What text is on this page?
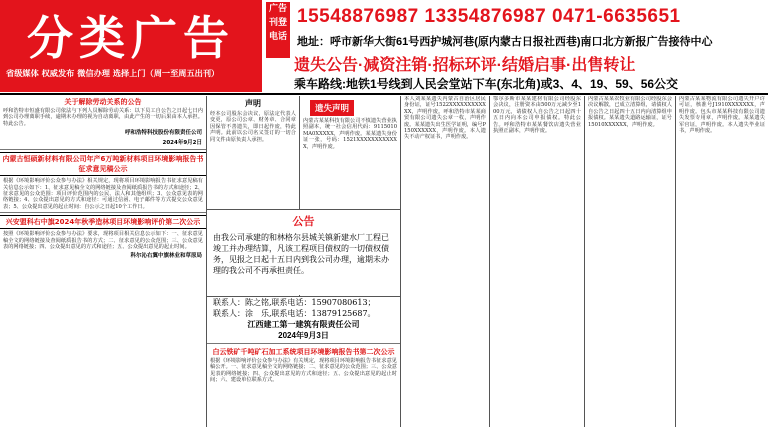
分类广告
省级媒体 权威发布 微信办理 选择上门（周一至周五出刊）
广告刊登电话
15548876987 13354876987 0471-6635651
地址：呼市新华大街61号西护城河巷(原内蒙古日报社西巷)南口北方新报广告接待中心
遗失公告·减资注销·招标环评·结婚启事·出售转让
乘车路线:地铁1号线到人民会堂站下车(东北角)或3、4、19、59、56公交
关于解除劳动关系的公告
呼和浩特市恒盛有限公司依法与下列人员解除劳动关系：以下员工自公告之日起七日内到公司办理离职手续，逾期未办理的视为自动离职，由此产生的一切后果由本人承担。特此公告。
呼和浩特科技股份有限责任公司
2024年9月2日
内蒙古恒硕新材料有限公司年产6万吨新材料项目环境影响报告书征求意见稿公示
根据《环境影响评价公众参与办法》相关规定，现将项目环境影响报告书征求意见稿有关信息公示如下：1、征求意见稿全文的网络链接及查阅纸质报告书的方式和途径；2、征求意见的公众范围：项目评价范围内的公民、法人和其他组织；3、公众意见表的网络链接；4、公众提出意见的方式和途径：可通过信函、电子邮件等方式提交公众意见表；5、公众提出意见的起止时间：自公示之日起10个工作日。
兴安盟科右中旗2024年秋季造林项目环境影响评价第二次公示
按照《环境影响评价公众参与办法》要求，现将项目相关信息公示如下：一、征求意见稿全文的网络链接及查阅纸质报告书的方式；二、征求意见的公众范围；三、公众意见表的网络链接；四、公众提出意见的方式和途径；五、公众提出意见的起止时间。
科尔沁右翼中旗林业和草原局
声明
经本公司股东会决议，原法定代表人变更，原公司公章、财务章、合同章因保管不善遗失，即日起作废，特此声明。此前以公司名义签订的一切合同文件由原负责人承担。
遗失声明
内蒙古某某科技有限公司不慎遗失营业执照副本，统一社会信用代码：9115010MA0XXXXX，声明作废。某某遗失身份证一张，号码：1521XXXXXXXXXXXX，声明作废。
本人刘某某遗失内蒙古自治区居民身份证，证号1522XXXXXXXXXXXX，声明作废。呼和浩特市某某商贸有限公司遗失公章一枚，声明作废。某某遗失出生医学证明，编号P150XXXXXX，声明作废。本人遗失不动产权证书，声明作废。
鄂尔多斯市某某建材有限公司经股东会决议，注册资本由500万元减少至100万元，请债权人自公告之日起四十五日内向本公司申报债权。特此公告。呼和浩特市某某餐饮店遗失营业执照正副本，声明作废。
内蒙古某某农牧业有限公司经股东会决议解散，已成立清算组，请债权人自公告之日起四十五日内向清算组申报债权。某某遗失道路运输证，证号15010XXXXXX，声明作废。
内蒙古某某物流有限公司遗失开户许可证，核准号J1910XXXXXXX，声明作废。包头市某某科技有限公司遗失发票专用章，声明作废。某某遗失军官证，声明作废。本人遗失毕业证书，声明作废。
公告
由我公司承建的和林格尔县城关镇新建水厂工程已竣工并办理结算，凡该工程项目债权的一切债权债务，见报之日起十五日内到我公司办理，逾期未办理的我公司不再承担责任。
联系人：陈之铭,联系电话：15907080613；
联系人：涂　乐,联系电话：13879125687。
江西建工第一建筑有限责任公司
2024年9月3日
白云铁矿千吨矿石加工系统项目环境影响报告书第二次公示
根据《环境影响评价公众参与办法》有关规定，现将项目环境影响报告书征求意见稿公开。一、征求意见稿全文的网络链接；二、征求意见的公众范围；三、公众意见表的网络链接；四、公众提出意见的方式和途径；五、公众提出意见的起止时间；六、建设单位联系方式。
